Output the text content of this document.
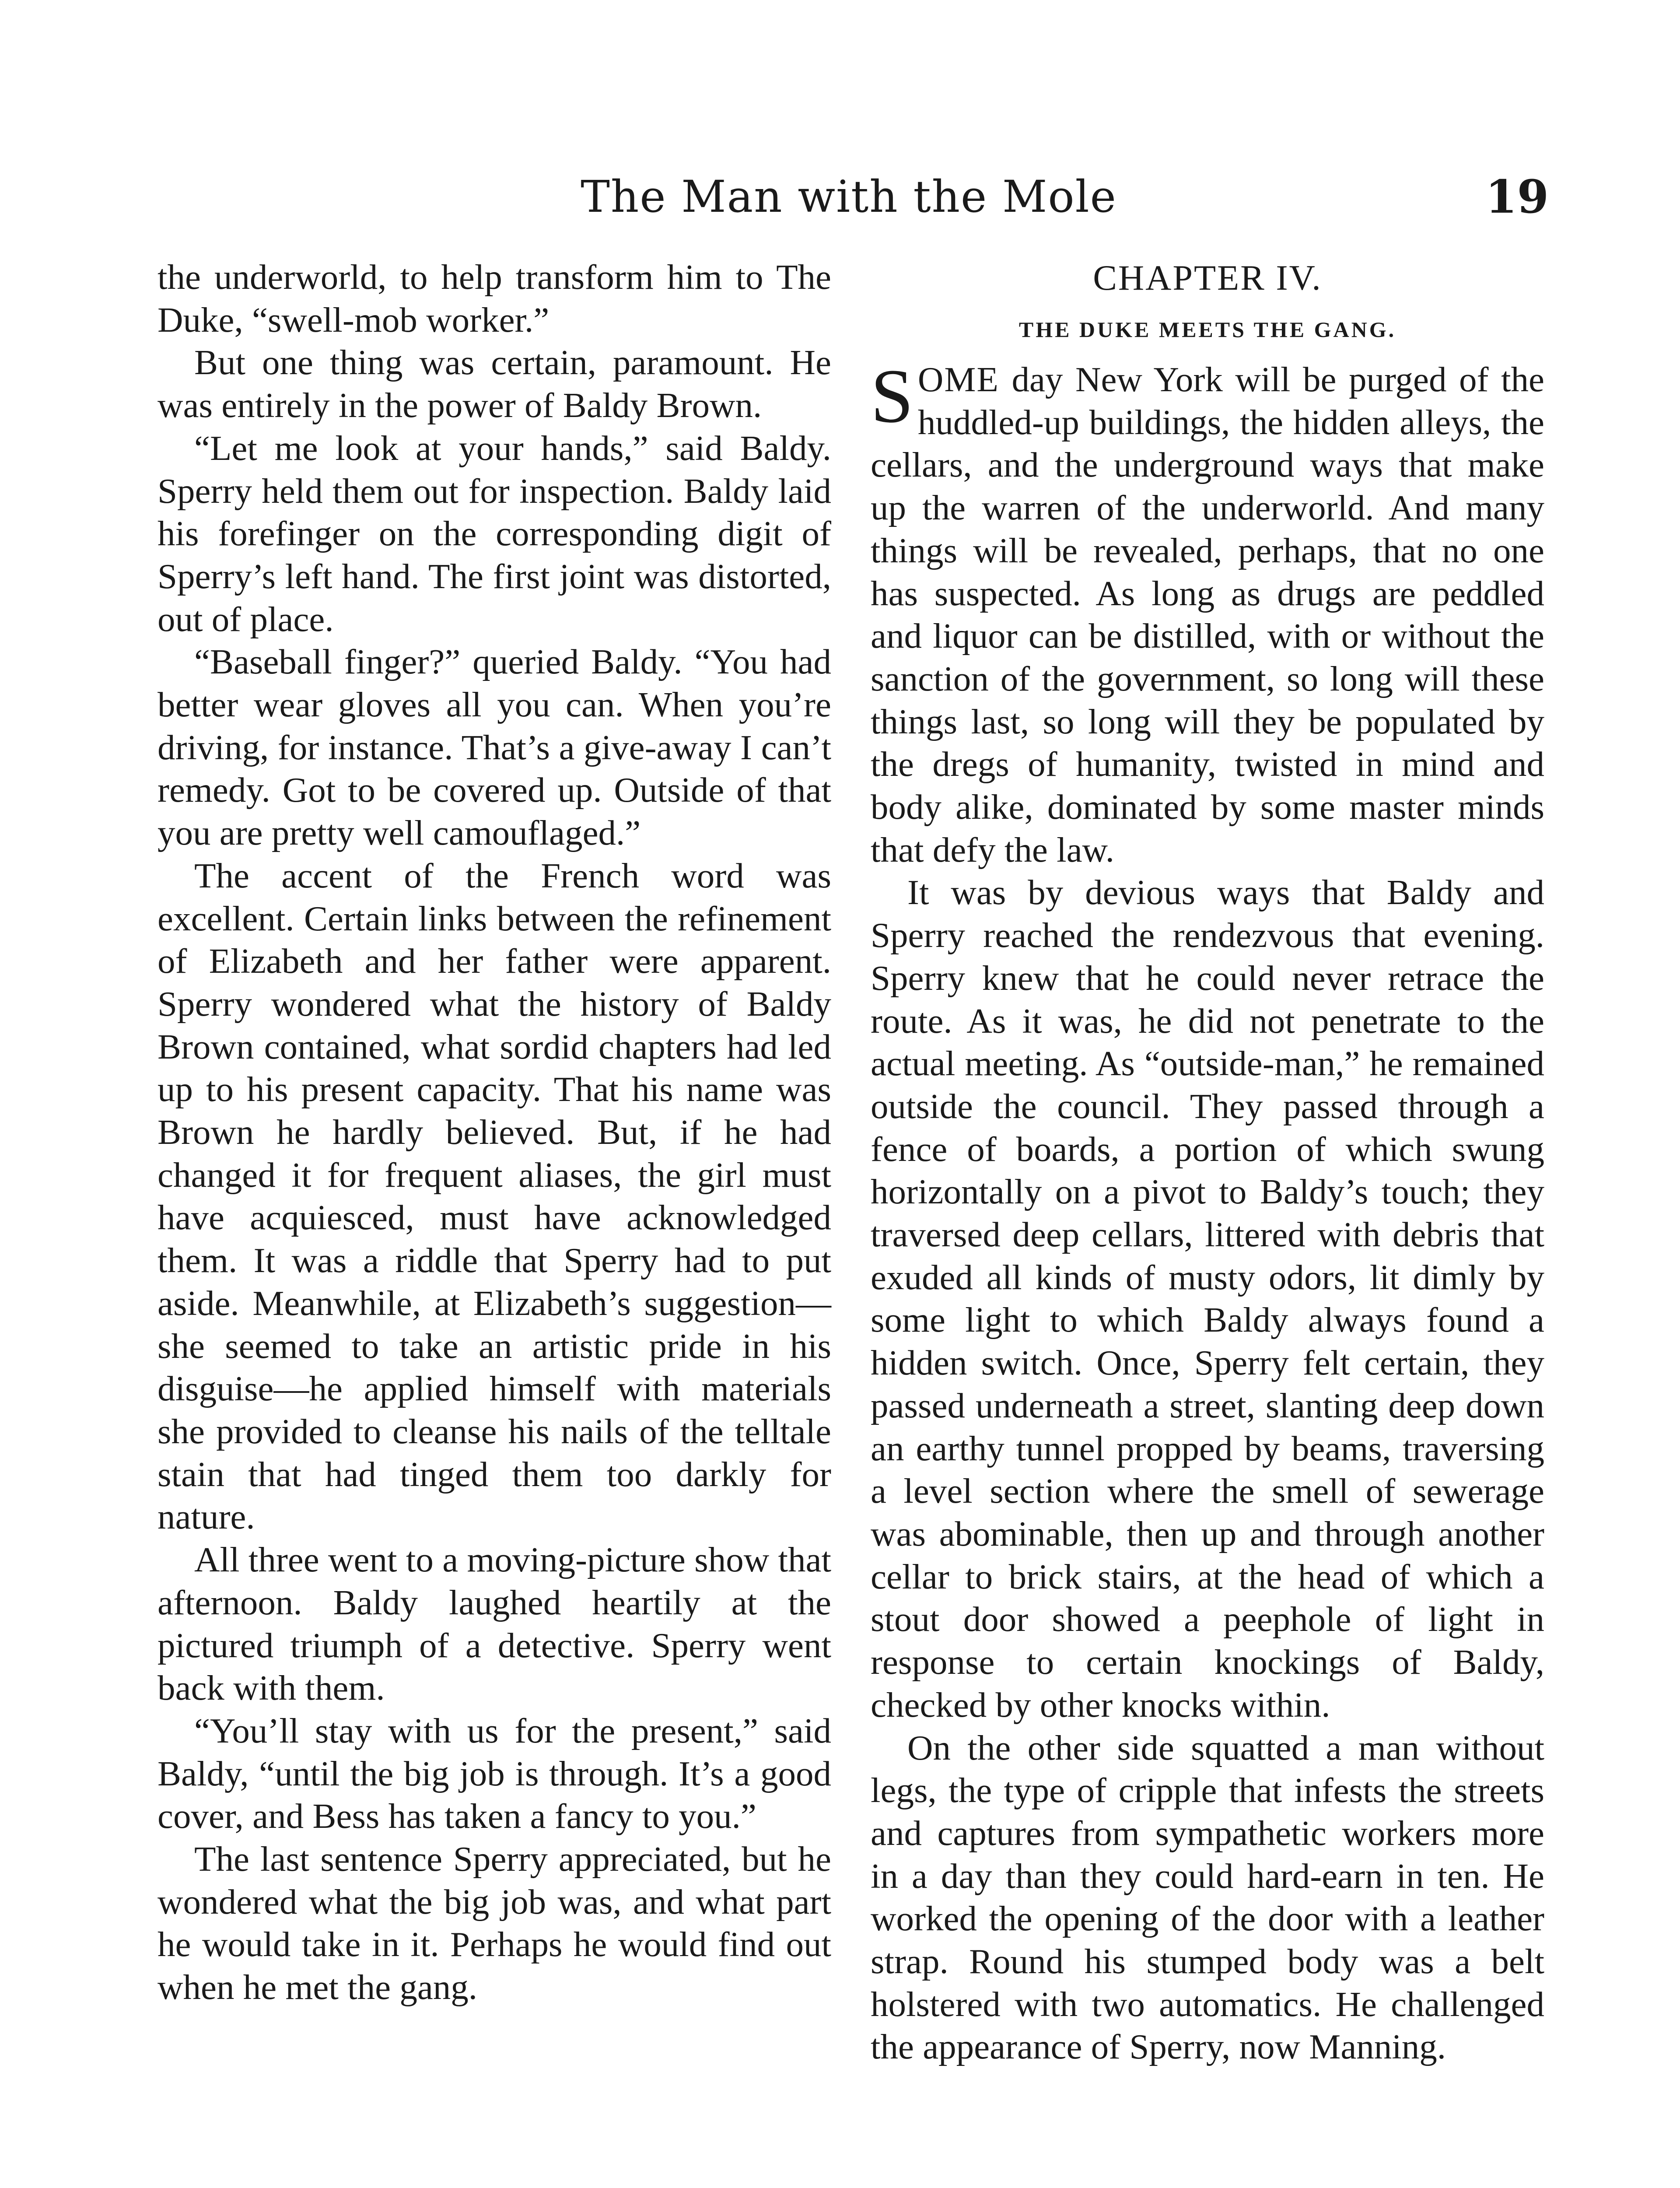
The Man with the Mole	19

the underworld, to help transform him to The Duke, “swell-mob worker.”

But one thing was certain, paramount. He was entirely in the power of Baldy Brown.

“Let me look at your hands,” said Baldy. Sperry held them out for inspection. Baldy laid his forefinger on the corresponding digit of Sperry’s left hand. The first joint was distorted, out of place.

“Baseball finger?” queried Baldy. “You had better wear gloves all you can. When you’re driving, for instance. That’s a give-away I can’t remedy. Got to be covered up. Outside of that you are pretty well camouflaged.”

The accent of the French word was excellent. Certain links between the refinement of Elizabeth and her father were apparent. Sperry wondered what the history of Baldy Brown contained, what sordid chapters had led up to his present capacity. That his name was Brown he hardly believed. But, if he had changed it for frequent aliases, the girl must have acquiesced, must have acknowledged them. It was a riddle that Sperry had to put aside. Meanwhile, at Elizabeth’s suggestion—she seemed to take an artistic pride in his disguise—he applied himself with materials she provided to cleanse his nails of the telltale stain that had tinged them too darkly for nature.

All three went to a moving-picture show that afternoon. Baldy laughed heartily at the pictured triumph of a detective. Sperry went back with them.

“You’ll stay with us for the present,” said Baldy, “until the big job is through. It’s a good cover, and Bess has taken a fancy to you.”

The last sentence Sperry appreciated, but he wondered what the big job was, and what part he would take in it. Perhaps he would find out when he met the gang.

CHAPTER IV.
THE DUKE MEETS THE GANG.

SOME day New York will be purged of the huddled-up buildings, the hidden alleys, the cellars, and the underground ways that make up the warren of the underworld. And many things will be revealed, perhaps, that no one has suspected. As long as drugs are peddled and liquor can be distilled, with or without the sanction of the government, so long will these things last, so long will they be populated by the dregs of humanity, twisted in mind and body alike, dominated by some master minds that defy the law.

It was by devious ways that Baldy and Sperry reached the rendezvous that evening. Sperry knew that he could never retrace the route. As it was, he did not penetrate to the actual meeting. As “outside-man,” he remained outside the council. They passed through a fence of boards, a portion of which swung horizontally on a pivot to Baldy’s touch; they traversed deep cellars, littered with debris that exuded all kinds of musty odors, lit dimly by some light to which Baldy always found a hidden switch. Once, Sperry felt certain, they passed underneath a street, slanting deep down an earthy tunnel propped by beams, traversing a level section where the smell of sewerage was abominable, then up and through another cellar to brick stairs, at the head of which a stout door showed a peephole of light in response to certain knockings of Baldy, checked by other knocks within.

On the other side squatted a man without legs, the type of cripple that infests the streets and captures from sympathetic workers more in a day than they could hard-earn in ten. He worked the opening of the door with a leather strap. Round his stumped body was a belt holstered with two automatics. He challenged the appearance of Sperry, now Manning.
